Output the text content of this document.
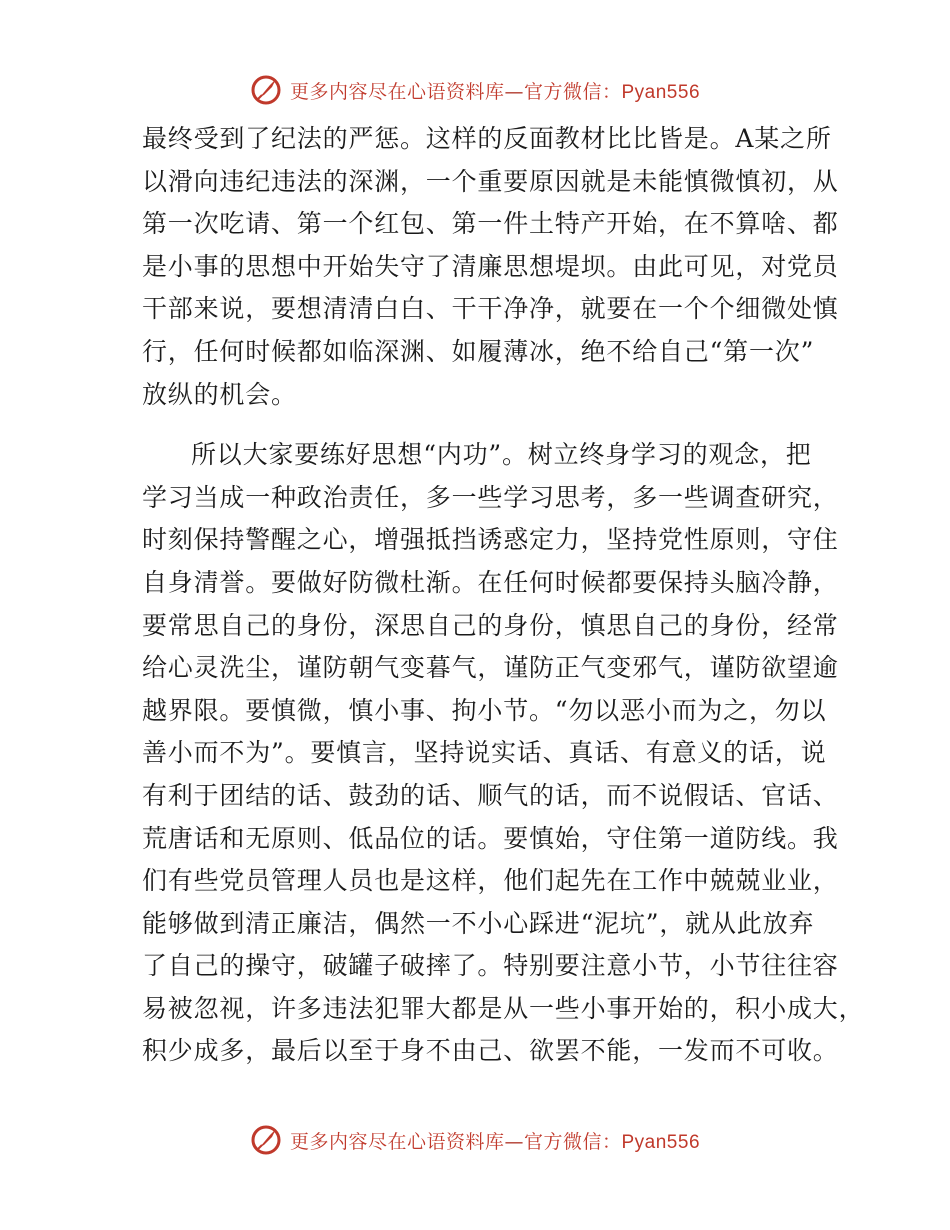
更多内容尽在心语资料库—官方微信：Pyan556
最终受到了纪法的严惩。这样的反面教材比比皆是。A某之所
以滑向违纪违法的深渊，一个重要原因就是未能慎微慎初，从
第一次吃请、第一个红包、第一件土特产开始，在不算啥、都
是小事的思想中开始失守了清廉思想堤坝。由此可见，对党员
干部来说，要想清清白白、干干净净，就要在一个个细微处慎
行，任何时候都如临深渊、如履薄冰，绝不给自己“第一次”
放纵的机会。
所以大家要练好思想“内功”。树立终身学习的观念，把
学习当成一种政治责任，多一些学习思考，多一些调查研究，
时刻保持警醒之心，增强抵挡诱惑定力，坚持党性原则，守住
自身清誉。要做好防微杜渐。在任何时候都要保持头脑冷静，
要常思自己的身份，深思自己的身份，慎思自己的身份，经常
给心灵洗尘，谨防朝气变暮气，谨防正气变邪气，谨防欲望逾
越界限。要慎微，慎小事、拘小节。“勿以恶小而为之，勿以
善小而不为”。要慎言，坚持说实话、真话、有意义的话，说
有利于团结的话、鼓劲的话、顺气的话，而不说假话、官话、
荒唐话和无原则、低品位的话。要慎始，守住第一道防线。我
们有些党员管理人员也是这样，他们起先在工作中兢兢业业，
能够做到清正廉洁，偶然一不小心踩进“泥坑”，就从此放弃
了自己的操守，破罐子破摔了。特别要注意小节，小节往往容
易被忽视，许多违法犯罪大都是从一些小事开始的，积小成大，
积少成多，最后以至于身不由己、欲罢不能，一发而不可收。
更多内容尽在心语资料库—官方微信：Pyan556
